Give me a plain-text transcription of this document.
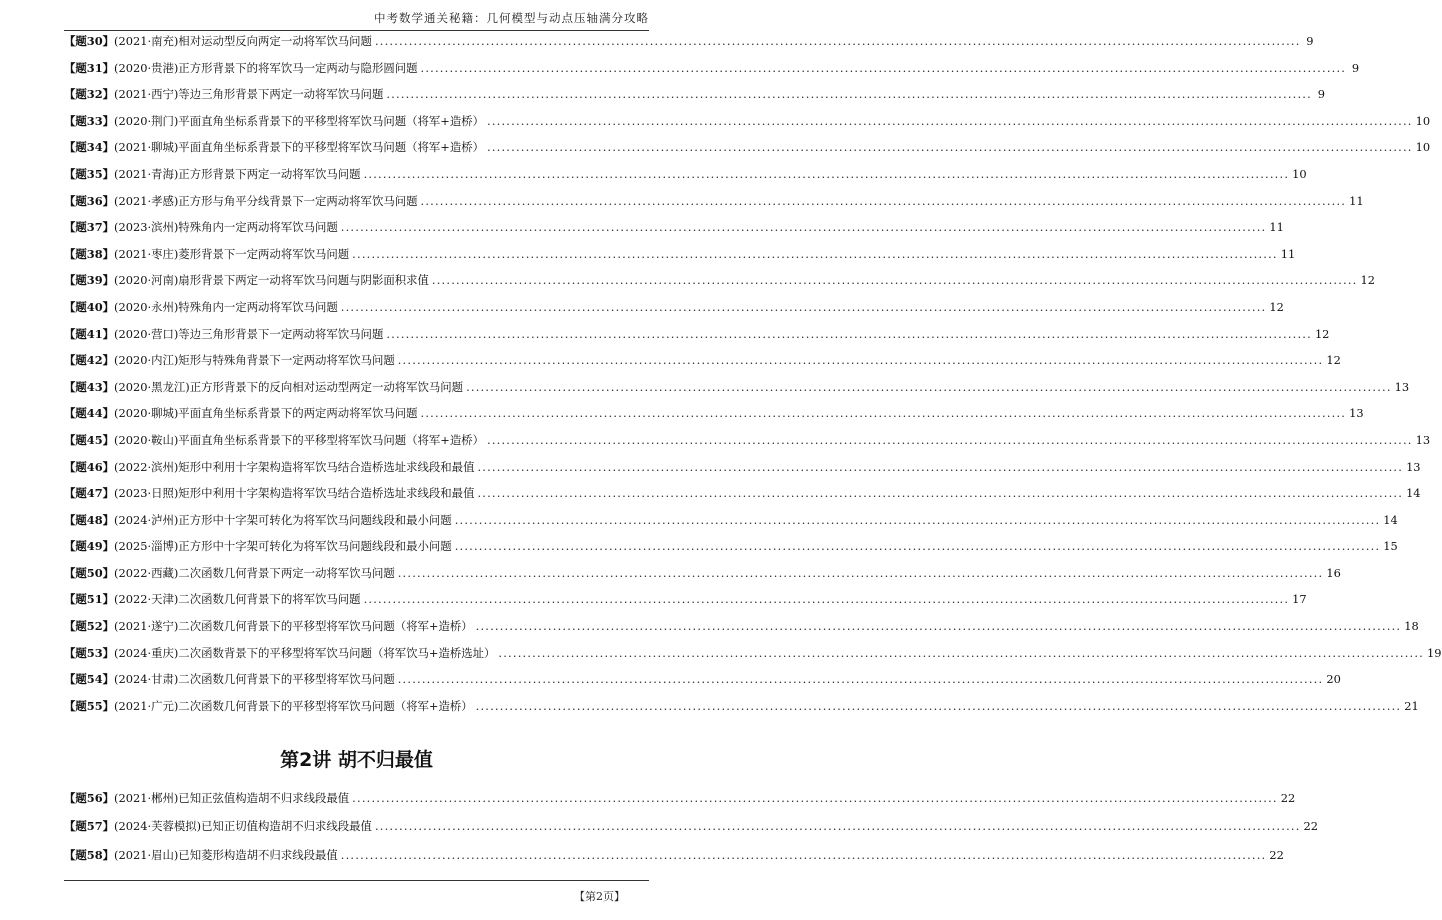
中考数学通关秘籍：几何模型与动点压轴满分攻略
【题30】 (2021·南充)相对运动型反向两定一动将军饮马问题 .....	9
【题31】 (2020·贵港)正方形背景下的将军饮马一定两动与隐形圆问题 .....	9
【题32】 (2021·西宁)等边三角形背景下两定一动将军饮马问题 .....	9
【题33】 (2020·荆门)平面直角坐标系背景下的平移型将军饮马问题（将军+造桥） .....	10
【题34】 (2021·聊城)平面直角坐标系背景下的平移型将军饮马问题（将军+造桥） .....	10
【题35】 (2021·青海)正方形背景下两定一动将军饮马问题 .....	10
【题36】 (2021·孝感)正方形与角平分线背景下一定两动将军饮马问题 .....	11
【题37】 (2023·滨州)特殊角内一定两动将军饮马问题 .....	11
【题38】 (2021·枣庄)菱形背景下一定两动将军饮马问题 .....	11
【题39】 (2020·河南)扇形背景下两定一动将军饮马问题与阴影面积求值 .....	12
【题40】 (2020·永州)特殊角内一定两动将军饮马问题 .....	12
【题41】 (2020·营口)等边三角形背景下一定两动将军饮马问题 .....	12
【题42】 (2020·内江)矩形与特殊角背景下一定两动将军饮马问题 .....	12
【题43】 (2020·黑龙江)正方形背景下的反向相对运动型两定一动将军饮马问题 .....	13
【题44】 (2020·聊城)平面直角坐标系背景下的两定两动将军饮马问题 .....	13
【题45】 (2020·鞍山)平面直角坐标系背景下的平移型将军饮马问题（将军+造桥） .....	13
【题46】 (2022·滨州)矩形中利用十字架构造将军饮马结合造桥选址求线段和最值 .....	13
【题47】 (2023·日照)矩形中利用十字架构造将军饮马结合造桥选址求线段和最值 .....	14
【题48】 (2024·泸州)正方形中十字架可转化为将军饮马问题线段和最小问题 .....	14
【题49】 (2025·淄博)正方形中十字架可转化为将军饮马问题线段和最小问题 .....	15
【题50】 (2022·西藏)二次函数几何背景下两定一动将军饮马问题 .....	16
【题51】 (2022·天津)二次函数几何背景下的将军饮马问题 .....	17
【题52】 (2021·遂宁)二次函数几何背景下的平移型将军饮马问题（将军+造桥） .....	18
【题53】 (2024·重庆)二次函数背景下的平移型将军饮马问题（将军饮马+造桥选址） .....	19
【题54】 (2024·甘肃)二次函数几何背景下的平移型将军饮马问题 .....	20
【题55】 (2021·广元)二次函数几何背景下的平移型将军饮马问题（将军+造桥） .....	21
第2讲 胡不归最值
【题56】 (2021·郴州)已知正弦值构造胡不归求线段最值 .....	22
【题57】 (2024·芙蓉模拟)已知正切值构造胡不归求线段最值 .....	22
【题58】 (2021·眉山)已知菱形构造胡不归求线段最值 .....	22
【第2页】
